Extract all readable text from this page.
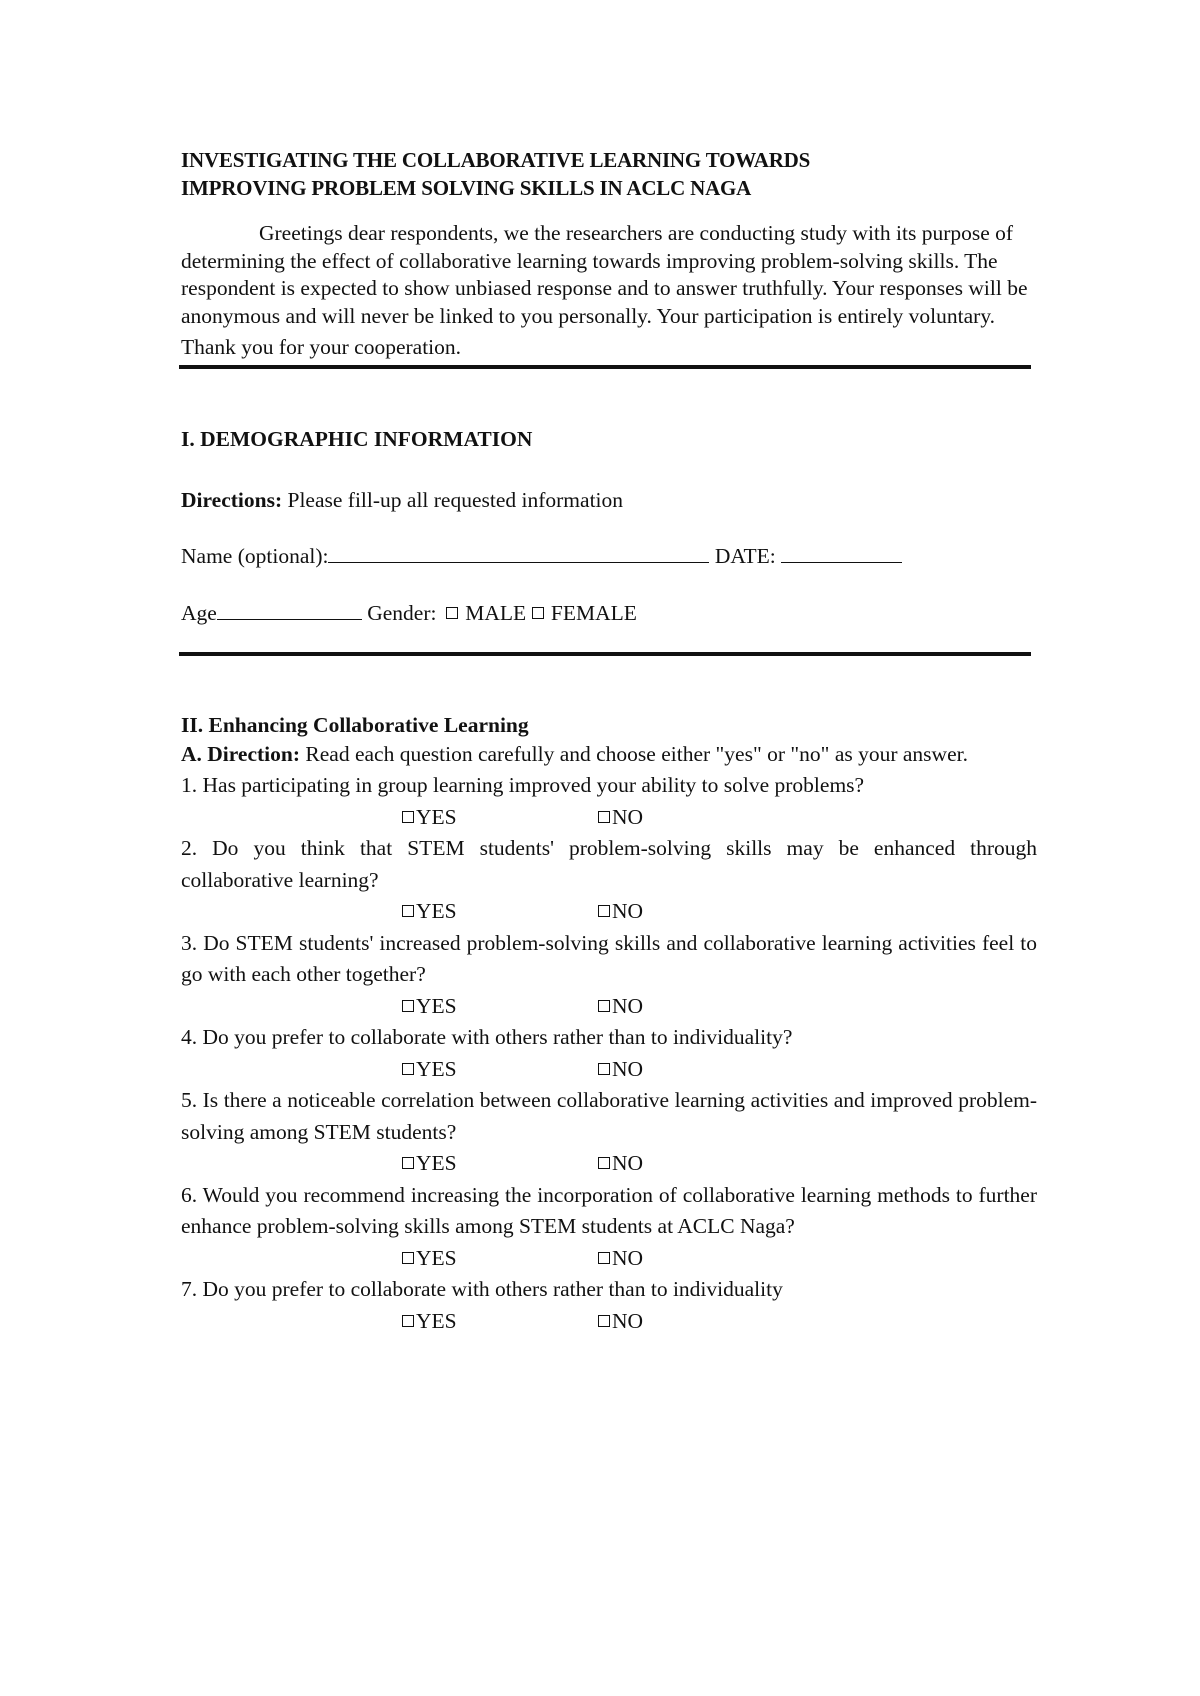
INVESTIGATING THE COLLABORATIVE LEARNING TOWARDS

IMPROVING PROBLEM SOLVING SKILLS IN ACLC NAGA

Greetings dear respondents, we the researchers are conducting study with its purpose of determining the effect of collaborative learning towards improving problem-solving skills. The respondent is expected to show unbiased response and to answer truthfully. Your responses will be anonymous and will never be linked to you personally. Your participation is entirely voluntary.

Thank you for your cooperation.

I. DEMOGRAPHIC INFORMATION

Directions: Please fill-up all requested information

Name (optional):	DATE:

Age	Gender:  MALE  FEMALE

II. Enhancing Collaborative Learning

A. Direction: Read each question carefully and choose either "yes" or "no" as your answer.

1. Has participating in group learning improved your ability to solve problems?

YES	NO

2. Do you think that STEM students' problem-solving skills may be enhanced through collaborative learning?

YES	NO

3. Do STEM students' increased problem-solving skills and collaborative learning activities feel to go with each other together?

YES	NO

4. Do you prefer to collaborate with others rather than to individuality?

YES	NO

5. Is there a noticeable correlation between collaborative learning activities and improved problem-solving among STEM students?

YES	NO

6. Would you recommend increasing the incorporation of collaborative learning methods to further enhance problem-solving skills among STEM students at ACLC Naga?

YES	NO

7. Do you prefer to collaborate with others rather than to individuality

YES	NO
